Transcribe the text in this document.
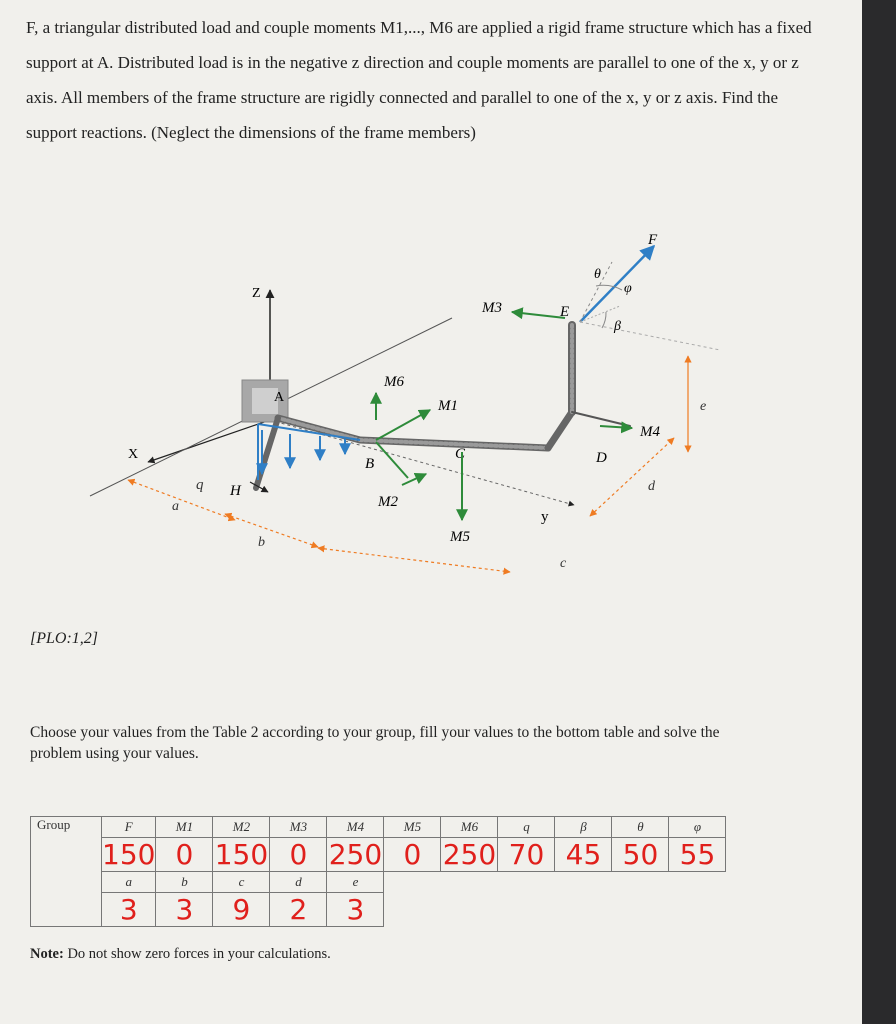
F, a triangular distributed load and couple moments M1,..., M6 are applied a rigid frame structure which has a fixed support at A. Distributed load is in the negative z direction and couple moments are parallel to one of the x, y or z axis. All members of the frame structure are rigidly connected and parallel to one of the x, y or z axis. Find the support reactions. (Neglect the dimensions of the frame members)

Z
X
y
A
a
b
c
d
e
q H
B
C	D
E
M6
M1
M2
M5
M3
M4
F
θ
φ
β
[PLO:1,2]

Choose your values from the Table 2 according to your group, fill your values to the bottom table and solve the problem using your values.

Group	F	M1	M2	M3	M4	M5	M6	q	β	θ	φ
	150	0	150	0	250	0	250	70	45	50	55
	a	b	c	d	e						
	3	3	9	2	3						
Note: Do not show zero forces in your calculations.
